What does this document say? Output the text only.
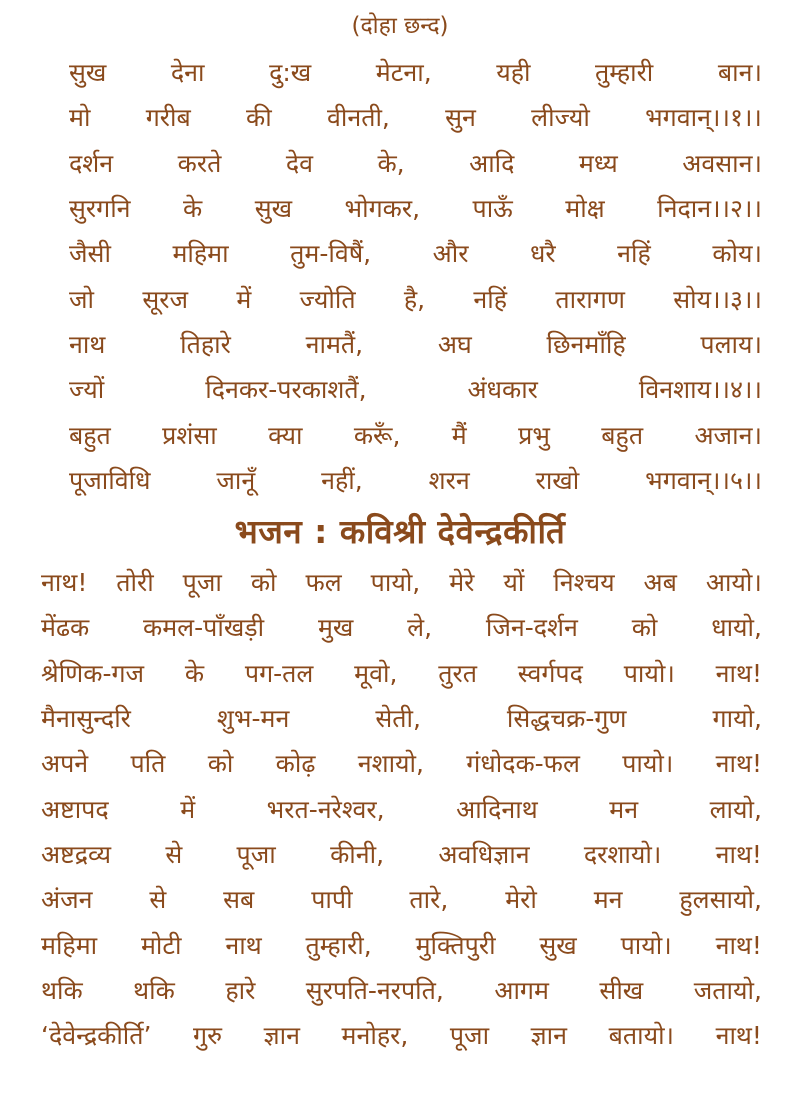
(दोहा छन्द)
सुख	देना	दु:ख	मेटना,	यही	तुम्हारी	बान।
मो गरीब की वीनती, सुन लीज्यो भगवान्।।१।।
दर्शन	करते	देव	के,	आदि	मध्य	अवसान।
सुरगनि के सुख भोगकर, पाऊँ मोक्ष निदान।।२।।
जैसी महिमा तुम-विषैं, और धरै नहिं कोय।
जो सूरज में ज्योति है, नहिं तारागण सोय।।३।।
नाथ	तिहारे	नामतैं,	अघ	छिनमाँहि	पलाय।
ज्यों	दिनकर-परकाशतैं,	अंधकार	विनशाय।।४।।
बहुत प्रशंसा क्या करूँ, मैं प्रभु बहुत अजान।
पूजाविधि	जानूँ	नहीं,	शरन	राखो	भगवान्।।५।।
भजन : कविश्री देवेन्द्रकीर्ति
नाथ! तोरी पूजा को फल पायो, मेरे यों निश्चय अब आयो।
मेंढक कमल-पाँखड़ी मुख ले, जिन-दर्शन को धायो,
श्रेणिक-गज के पग-तल मूवो, तुरत स्वर्गपद पायो। नाथ!
मैनासुन्दरि	शुभ-मन	सेती,	सिद्धचक्र-गुण	गायो,
अपने पति को कोढ़ नशायो, गंधोदक-फल पायो। नाथ!
अष्टापद	में	भरत-नरेश्वर,	आदिनाथ	मन	लायो,
अष्टद्रव्य से पूजा कीनी, अवधिज्ञान दरशायो। नाथ!
अंजन से सब पापी तारे, मेरो मन हुलसायो,
महिमा मोटी नाथ तुम्हारी, मुक्तिपुरी सुख पायो। नाथ!
थकि थकि हारे सुरपति-नरपति, आगम सीख जतायो,
‘देवेन्द्रकीर्ति’ गुरु ज्ञान मनोहर, पूजा ज्ञान बतायो। नाथ!
